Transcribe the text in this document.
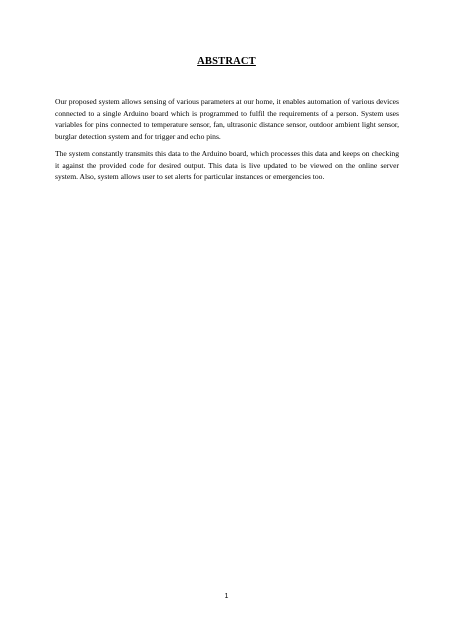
ABSTRACT

Our proposed system allows sensing of various parameters at our home, it enables automation of various devices connected to a single Arduino board which is programmed to fulfil the requirements of a person. System uses variables for pins connected to temperature sensor, fan, ultrasonic distance sensor, outdoor ambient light sensor, burglar detection system and for trigger and echo pins.

The system constantly transmits this data to the Arduino board, which processes this data and keeps on checking it against the provided code for desired output. This data is live updated to be viewed on the online server system. Also, system allows user to set alerts for particular instances or emergencies too.

1
